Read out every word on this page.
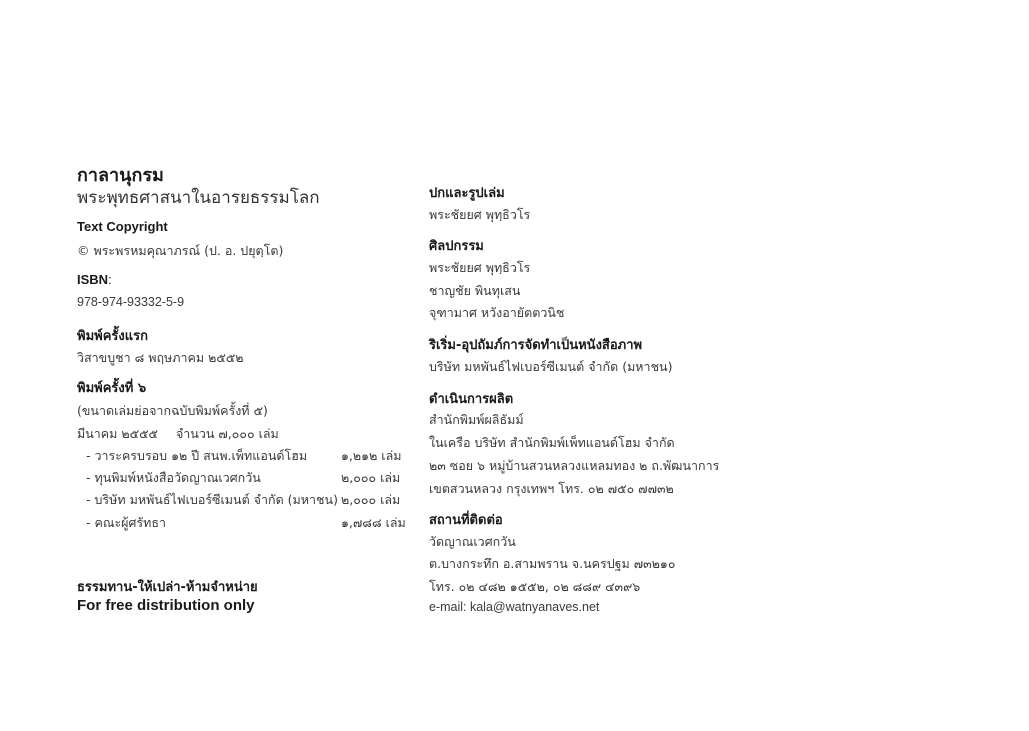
กาลานุกรม
พระพุทธศาสนาในอารยธรรมโลก
Text Copyright
© พระพรหมคุณาภรณ์ (ป. อ. ปยุตฺโต)
ISBN:
978-974-93332-5-9
พิมพ์ครั้งแรก
วิสาขบูชา ๘ พฤษภาคม ๒๕๕๒
พิมพ์ครั้งที่ ๖
(ขนาดเล่มย่อจากฉบับพิมพ์ครั้งที่ ๕)
มีนาคม ๒๕๕๕ จำนวน ๗,๐๐๐ เล่ม
- วาระครบรอบ ๑๒ ปี สนพ.เพ็ทแอนด์โฮม	๑,๒๑๒ เล่ม
- ทุนพิมพ์หนังสือวัดญาณเวศกวัน	๒,๐๐๐ เล่ม
- บริษัท มหพันธ์ไฟเบอร์ซีเมนต์ จำกัด (มหาชน) ๒,๐๐๐ เล่ม
- คณะผู้ศรัทธา	๑,๗๘๘ เล่ม
ธรรมทาน-ให้เปล่า-ห้ามจำหน่าย
For free distribution only
ปกและรูปเล่ม
พระชัยยศ พุทฺธิวโร
ศิลปกรรม
พระชัยยศ พุทฺธิวโร
ชาญชัย พินทุเสน
จุฑามาศ หวังอายัตตวนิช
ริเริ่ม-อุปถัมภ์การจัดทำเป็นหนังสือภาพ
บริษัท มหพันธ์ไฟเบอร์ซีเมนต์ จำกัด (มหาชน)
ดำเนินการผลิต
สำนักพิมพ์ผลิธัมม์
ในเครือ บริษัท สำนักพิมพ์เพ็ทแอนด์โฮม จำกัด
๒๓ ซอย ๖ หมู่บ้านสวนหลวงแหลมทอง ๒ ถ.พัฒนาการ
เขตสวนหลวง กรุงเทพฯ โทร. ๐๒ ๗๕๐ ๗๗๓๒
สถานที่ติดต่อ
วัดญาณเวศกวัน
ต.บางกระทึก อ.สามพราน จ.นครปฐม ๗๓๒๑๐
โทร. ๐๒ ๔๘๒ ๑๕๕๒, ๐๒ ๘๘๙ ๔๓๙๖
e-mail: kala@watnyanaves.net
